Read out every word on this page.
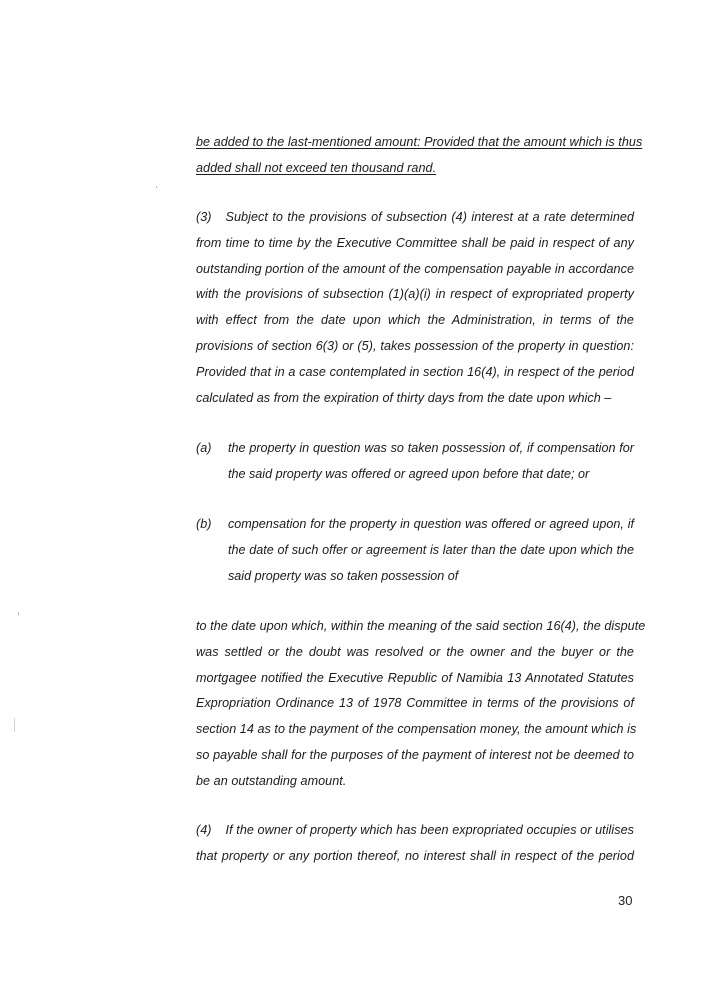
be added to the last-mentioned amount: Provided that the amount which is thus
added shall not exceed ten thousand rand.
(3) Subject to the provisions of subsection (4) interest at a rate determined
from time to time by the Executive Committee shall be paid in respect of any
outstanding portion of the amount of the compensation payable in accordance
with the provisions of subsection (1)(a)(i) in respect of expropriated property
with effect from the date upon which the Administration, in terms of the
provisions of section 6(3) or (5), takes possession of the property in question:
Provided that in a case contemplated in section 16(4), in respect of the period
calculated as from the expiration of thirty days from the date upon which –
(a) the property in question was so taken possession of, if compensation for
the said property was offered or agreed upon before that date; or
(b) compensation for the property in question was offered or agreed upon, if
the date of such offer or agreement is later than the date upon which the
said property was so taken possession of
to the date upon which, within the meaning of the said section 16(4), the dispute
was settled or the doubt was resolved or the owner and the buyer or the
mortgagee notified the Executive Republic of Namibia 13 Annotated Statutes
Expropriation Ordinance 13 of 1978 Committee in terms of the provisions of
section 14 as to the payment of the compensation money, the amount which is
so payable shall for the purposes of the payment of interest not be deemed to
be an outstanding amount.
(4) If the owner of property which has been expropriated occupies or utilises
that property or any portion thereof, no interest shall in respect of the period
30
